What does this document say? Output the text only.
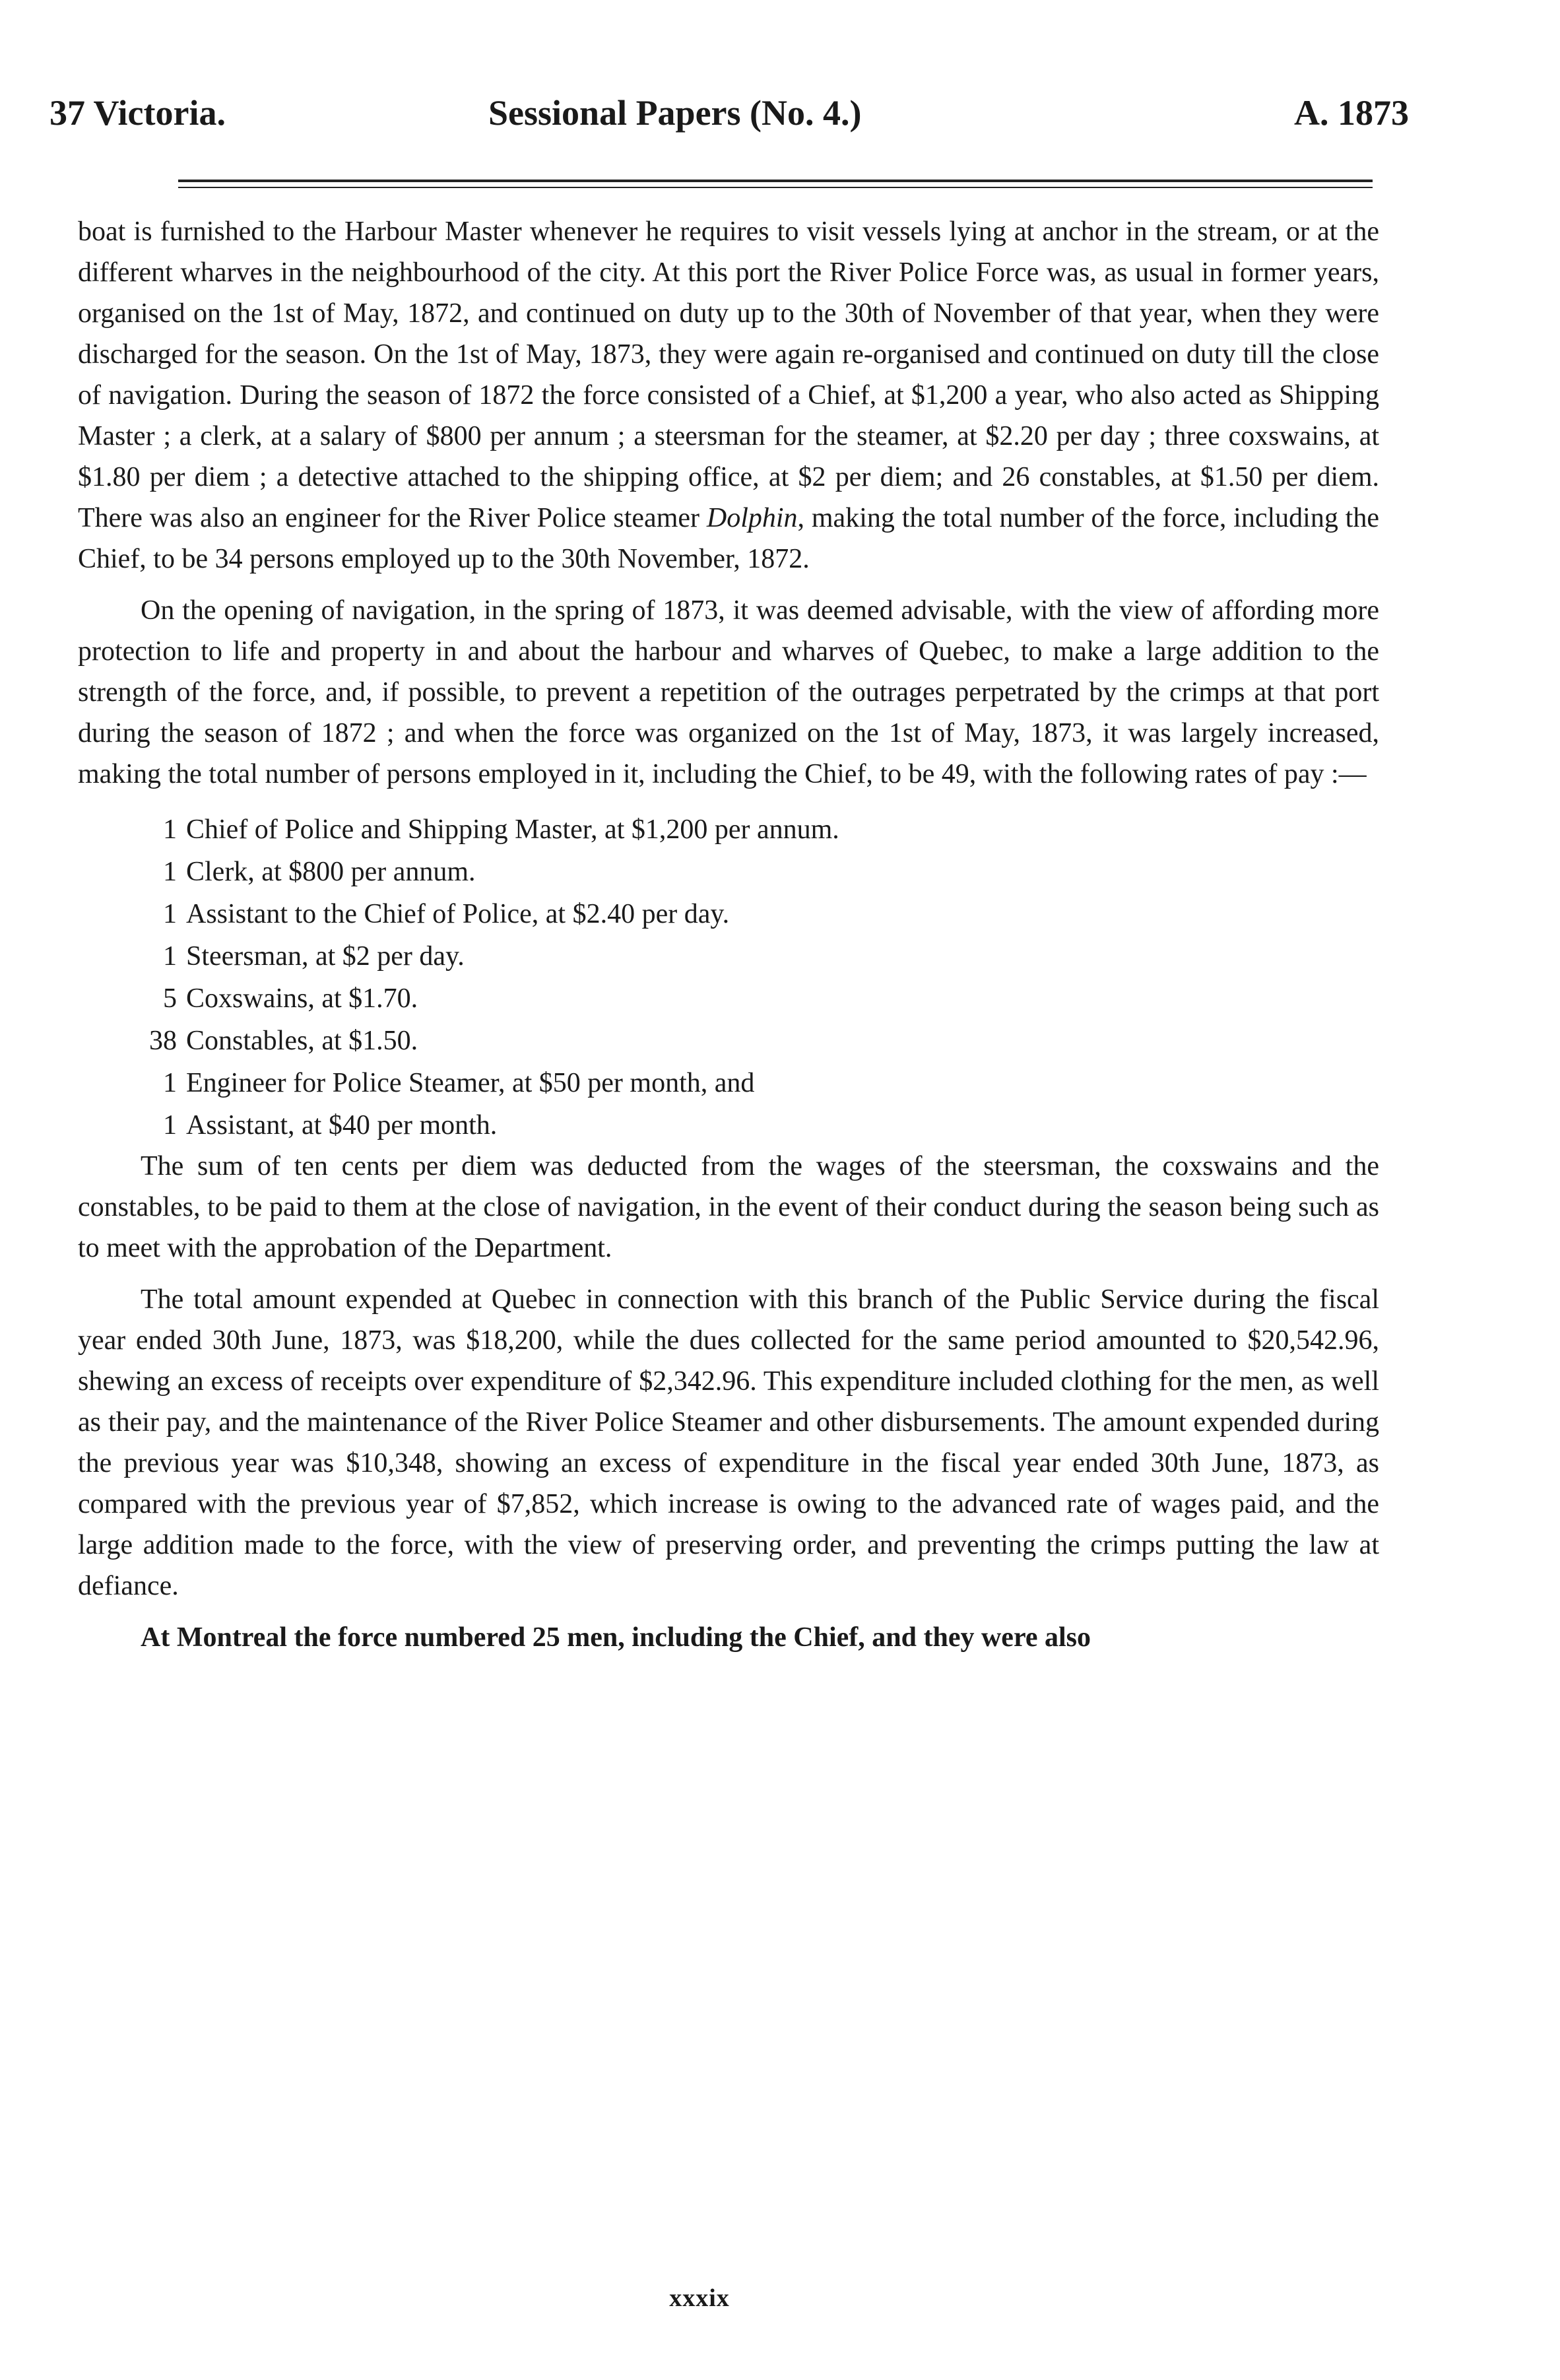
37 Victoria.	Sessional Papers (No. 4.)	A. 1873

boat is furnished to the Harbour Master whenever he requires to visit vessels lying at anchor in the stream, or at the different wharves in the neighbourhood of the city. At this port the River Police Force was, as usual in former years, organised on the 1st of May, 1872, and continued on duty up to the 30th of November of that year, when they were discharged for the season. On the 1st of May, 1873, they were again re-organised and continued on duty till the close of navigation. During the season of 1872 the force consisted of a Chief, at $1,200 a year, who also acted as Shipping Master ; a clerk, at a salary of $800 per annum ; a steersman for the steamer, at $2.20 per day ; three coxswains, at $1.80 per diem ; a detective attached to the shipping office, at $2 per diem; and 26 constables, at $1.50 per diem. There was also an engineer for the River Police steamer Dolphin, making the total number of the force, including the Chief, to be 34 persons employed up to the 30th November, 1872.

On the opening of navigation, in the spring of 1873, it was deemed advisable, with the view of affording more protection to life and property in and about the harbour and wharves of Quebec, to make a large addition to the strength of the force, and, if possible, to prevent a repetition of the outrages perpetrated by the crimps at that port during the season of 1872 ; and when the force was organized on the 1st of May, 1873, it was largely increased, making the total number of persons employed in it, including the Chief, to be 49, with the following rates of pay :—

1 Chief of Police and Shipping Master, at $1,200 per annum.
1 Clerk, at $800 per annum.
1 Assistant to the Chief of Police, at $2.40 per day.
1 Steersman, at $2 per day.
5 Coxswains, at $1.70.
38 Constables, at $1.50.
1 Engineer for Police Steamer, at $50 per month, and
1 Assistant, at $40 per month.

The sum of ten cents per diem was deducted from the wages of the steersman, the coxswains and the constables, to be paid to them at the close of navigation, in the event of their conduct during the season being such as to meet with the approbation of the Department.

The total amount expended at Quebec in connection with this branch of the Public Service during the fiscal year ended 30th June, 1873, was $18,200, while the dues collected for the same period amounted to $20,542.96, shewing an excess of receipts over expenditure of $2,342.96. This expenditure included clothing for the men, as well as their pay, and the maintenance of the River Police Steamer and other disbursements. The amount expended during the previous year was $10,348, showing an excess of expenditure in the fiscal year ended 30th June, 1873, as compared with the previous year of $7,852, which increase is owing to the advanced rate of wages paid, and the large addition made to the force, with the view of preserving order, and preventing the crimps putting the law at defiance.

At Montreal the force numbered 25 men, including the Chief, and they were also

xxxix
